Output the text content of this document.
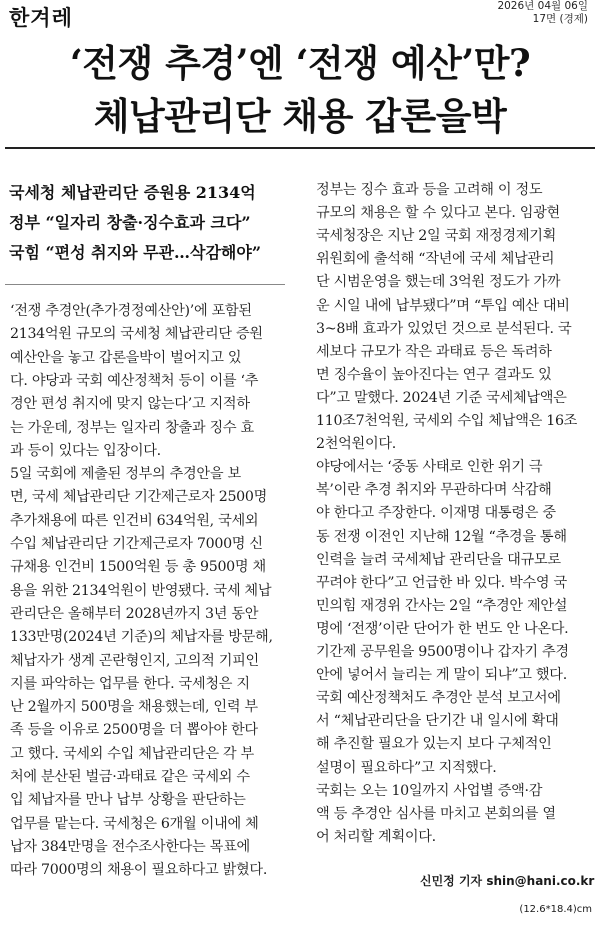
한겨레	2026년 04월 06일
17면 (경제)
‘전쟁 추경’엔 ‘전쟁 예산’만?
체납관리단 채용 갑론을박
국세청 체납관리단 증원용 2134억
정부 “일자리 창출·징수효과 크다”
국힘 “편성 취지와 무관…삭감해야”
‘전쟁 추경안(추가경정예산안)’에 포함된
2134억원 규모의 국세청 체납관리단 증원
예산안을 놓고 갑론을박이 벌어지고 있
다. 야당과 국회 예산정책처 등이 이를 ‘추
경안 편성 취지에 맞지 않는다’고 지적하
는 가운데, 정부는 일자리 창출과 징수 효
과 등이 있다는 입장이다.
5일 국회에 제출된 정부의 추경안을 보
면, 국세 체납관리단 기간제근로자 2500명
추가채용에 따른 인건비 634억원, 국세외
수입 체납관리단 기간제근로자 7000명 신
규채용 인건비 1500억원 등 총 9500명 채
용을 위한 2134억원이 반영됐다. 국세 체납
관리단은 올해부터 2028년까지 3년 동안
133만명(2024년 기준)의 체납자를 방문해,
체납자가 생계 곤란형인지, 고의적 기피인
지를 파악하는 업무를 한다. 국세청은 지
난 2월까지 500명을 채용했는데, 인력 부
족 등을 이유로 2500명을 더 뽑아야 한다
고 했다. 국세외 수입 체납관리단은 각 부
처에 분산된 벌금·과태료 같은 국세외 수
입 체납자를 만나 납부 상황을 판단하는
업무를 맡는다. 국세청은 6개월 이내에 체
납자 384만명을 전수조사한다는 목표에
따라 7000명의 채용이 필요하다고 밝혔다.
정부는 징수 효과 등을 고려해 이 정도
규모의 채용은 할 수 있다고 본다. 임광현
국세청장은 지난 2일 국회 재정경제기획
위원회에 출석해 “작년에 국세 체납관리
단 시범운영을 했는데 3억원 정도가 가까
운 시일 내에 납부됐다”며 “투입 예산 대비
3~8배 효과가 있었던 것으로 분석된다. 국
세보다 규모가 작은 과태료 등은 독려하
면 징수율이 높아진다는 연구 결과도 있
다”고 말했다. 2024년 기준 국세체납액은
110조7천억원, 국세외 수입 체납액은 16조
2천억원이다.
야당에서는 ‘중동 사태로 인한 위기 극
복’이란 추경 취지와 무관하다며 삭감해
야 한다고 주장한다. 이재명 대통령은 중
동 전쟁 이전인 지난해 12월 “추경을 통해
인력을 늘려 국세체납 관리단을 대규모로
꾸려야 한다”고 언급한 바 있다. 박수영 국
민의힘 재경위 간사는 2일 “추경안 제안설
명에 ‘전쟁’이란 단어가 한 번도 안 나온다.
기간제 공무원을 9500명이나 갑자기 추경
안에 넣어서 늘리는 게 말이 되냐”고 했다.
국회 예산정책처도 추경안 분석 보고서에
서 “체납관리단을 단기간 내 일시에 확대
해 추진할 필요가 있는지 보다 구체적인
설명이 필요하다”고 지적했다.
국회는 오는 10일까지 사업별 증액·감
액 등 추경안 심사를 마치고 본회의를 열
어 처리할 계획이다.
신민정 기자 shin@hani.co.kr
(12.6*18.4)cm
